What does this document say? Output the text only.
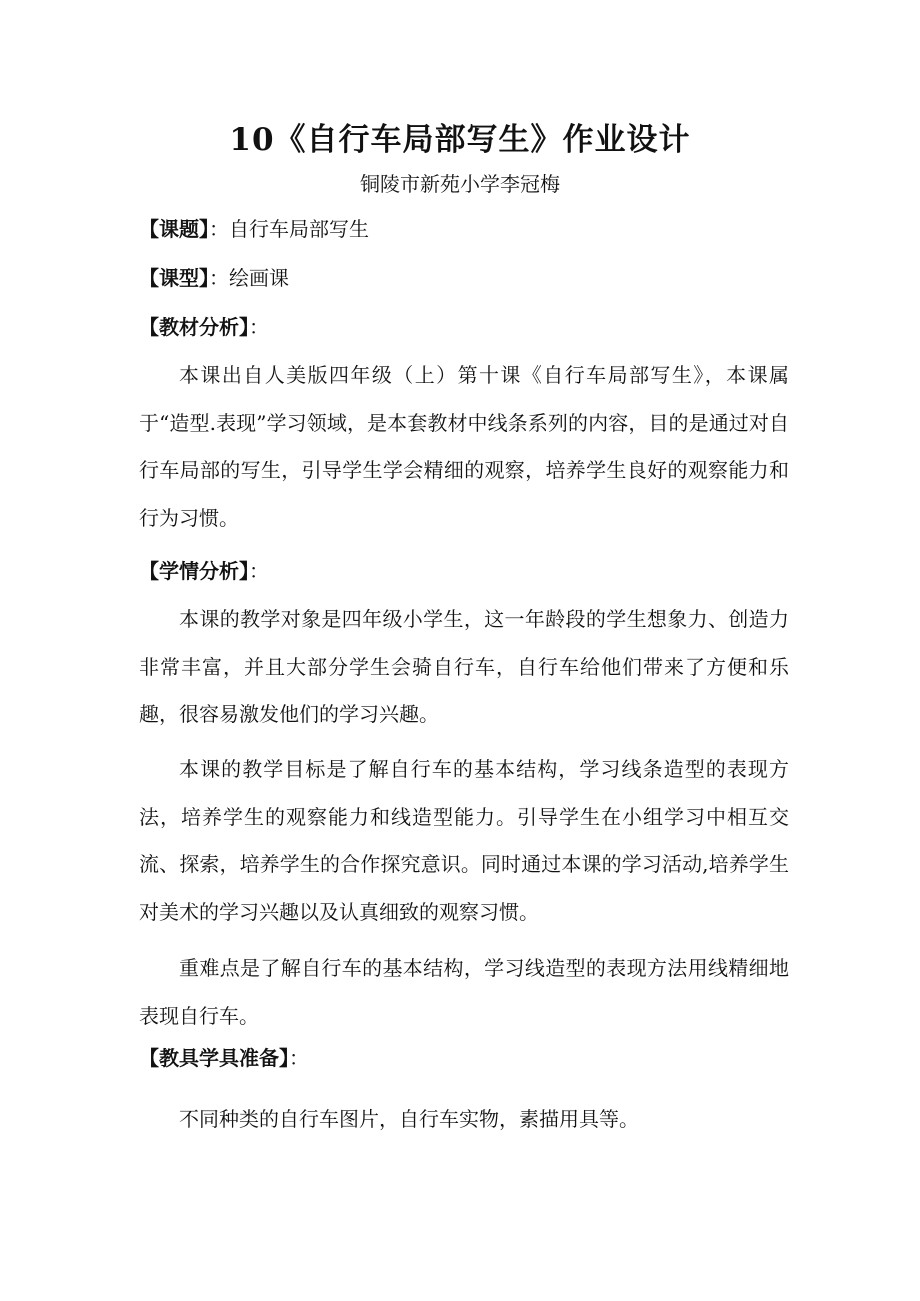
10《自行车局部写生》作业设计
铜陵市新苑小学李冠梅
【课题】：自行车局部写生
【课型】：绘画课
【教材分析】：

本课出自人美版四年级（上）第十课《自行车局部写生》，本课属于“造型.表现”学习领域，是本套教材中线条系列的内容，目的是通过对自行车局部的写生，引导学生学会精细的观察，培养学生良好的观察能力和行为习惯。

【学情分析】：

本课的教学对象是四年级小学生，这一年龄段的学生想象力、创造力非常丰富，并且大部分学生会骑自行车，自行车给他们带来了方便和乐趣，很容易激发他们的学习兴趣。

本课的教学目标是了解自行车的基本结构，学习线条造型的表现方法，培养学生的观察能力和线造型能力。引导学生在小组学习中相互交流、探索，培养学生的合作探究意识。同时通过本课的学习活动,培养学生对美术的学习兴趣以及认真细致的观察习惯。

重难点是了解自行车的基本结构，学习线造型的表现方法用线精细地表现自行车。

【教具学具准备】：

不同种类的自行车图片，自行车实物，素描用具等。
